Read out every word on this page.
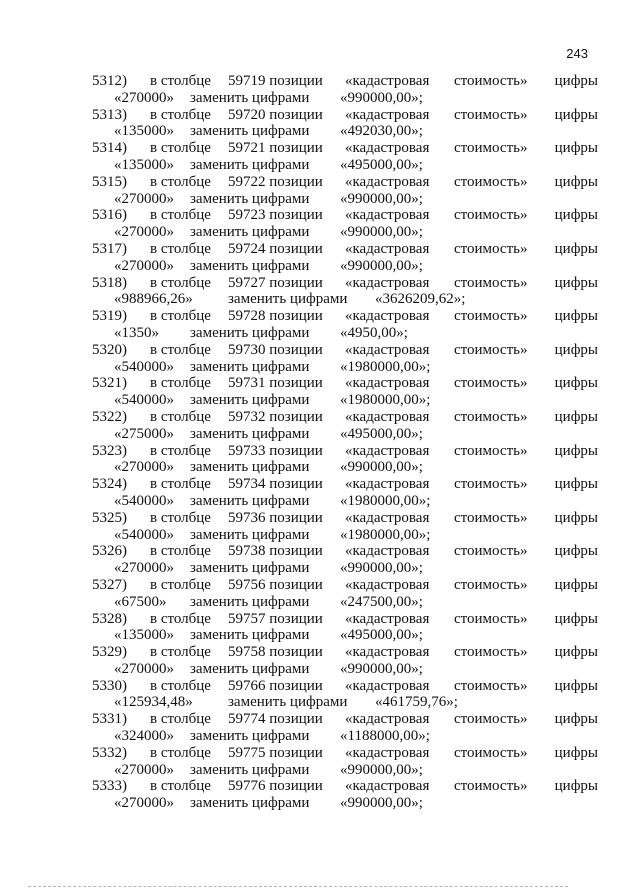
243
5312) в столбце 59719 позиции «кадастровая стоимость» цифры
«270000» заменить цифрами «990000,00»;
5313) в столбце 59720 позиции «кадастровая стоимость» цифры
«135000» заменить цифрами «492030,00»;
5314) в столбце 59721 позиции «кадастровая стоимость» цифры
«135000» заменить цифрами «495000,00»;
5315) в столбце 59722 позиции «кадастровая стоимость» цифры
«270000» заменить цифрами «990000,00»;
5316) в столбце 59723 позиции «кадастровая стоимость» цифры
«270000» заменить цифрами «990000,00»;
5317) в столбце 59724 позиции «кадастровая стоимость» цифры
«270000» заменить цифрами «990000,00»;
5318) в столбце 59727 позиции «кадастровая стоимость» цифры
«988966,26» заменить цифрами «3626209,62»;
5319) в столбце 59728 позиции «кадастровая стоимость» цифры
«1350» заменить цифрами «4950,00»;
5320) в столбце 59730 позиции «кадастровая стоимость» цифры
«540000» заменить цифрами «1980000,00»;
5321) в столбце 59731 позиции «кадастровая стоимость» цифры
«540000» заменить цифрами «1980000,00»;
5322) в столбце 59732 позиции «кадастровая стоимость» цифры
«275000» заменить цифрами «495000,00»;
5323) в столбце 59733 позиции «кадастровая стоимость» цифры
«270000» заменить цифрами «990000,00»;
5324) в столбце 59734 позиции «кадастровая стоимость» цифры
«540000» заменить цифрами «1980000,00»;
5325) в столбце 59736 позиции «кадастровая стоимость» цифры
«540000» заменить цифрами «1980000,00»;
5326) в столбце 59738 позиции «кадастровая стоимость» цифры
«270000» заменить цифрами «990000,00»;
5327) в столбце 59756 позиции «кадастровая стоимость» цифры
«67500» заменить цифрами «247500,00»;
5328) в столбце 59757 позиции «кадастровая стоимость» цифры
«135000» заменить цифрами «495000,00»;
5329) в столбце 59758 позиции «кадастровая стоимость» цифры
«270000» заменить цифрами «990000,00»;
5330) в столбце 59766 позиции «кадастровая стоимость» цифры
«125934,48» заменить цифрами «461759,76»;
5331) в столбце 59774 позиции «кадастровая стоимость» цифры
«324000» заменить цифрами «1188000,00»;
5332) в столбце 59775 позиции «кадастровая стоимость» цифры
«270000» заменить цифрами «990000,00»;
5333) в столбце 59776 позиции «кадастровая стоимость» цифры
«270000» заменить цифрами «990000,00»;
